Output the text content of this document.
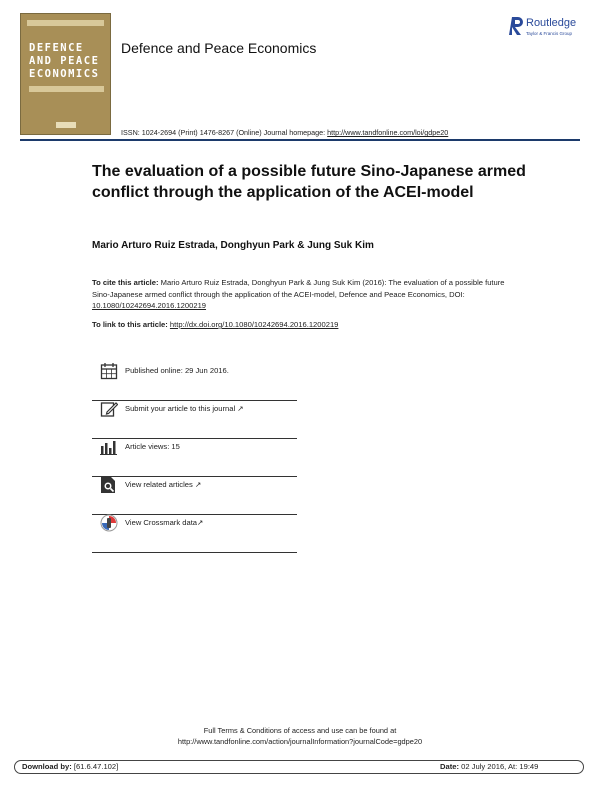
DEFENCE
AND PEACE
ECONOMICS
Defence and Peace Economics
Routledge
Taylor & Francis Group
ISSN: 1024-2694 (Print) 1476-8267 (Online) Journal homepage: http://www.tandfonline.com/loi/gdpe20
The evaluation of a possible future Sino-Japanese armed conflict through the application of the ACEI-model
Mario Arturo Ruiz Estrada, Donghyun Park & Jung Suk Kim
To cite this article: Mario Arturo Ruiz Estrada, Donghyun Park & Jung Suk Kim (2016): The evaluation of a possible future Sino-Japanese armed conflict through the application of the ACEI-model, Defence and Peace Economics, DOI: 10.1080/10242694.2016.1200219
To link to this article: http://dx.doi.org/10.1080/10242694.2016.1200219
Published online: 29 Jun 2016.
Submit your article to this journal ↗
Article views: 15
View related articles ↗
View Crossmark data↗
Full Terms & Conditions of access and use can be found at
http://www.tandfonline.com/action/journalInformation?journalCode=gdpe20
Download by: [61.6.47.102]	Date: 02 July 2016, At: 19:49
